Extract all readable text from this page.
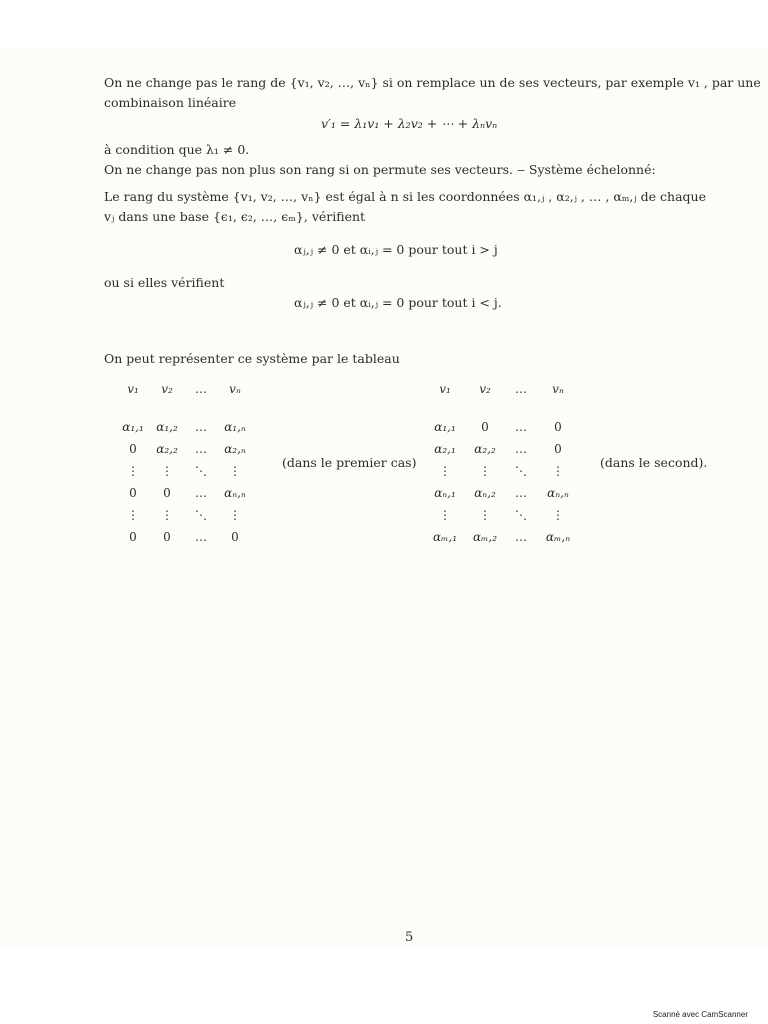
On ne change pas le rang de {v₁, v₂, …, vₙ} si on remplace un de ses vecteurs, par exemple v₁ , par une
combinaison linéaire
v′₁ = λ₁v₁ + λ₂v₂ + ⋯ + λₙvₙ
à condition que λ₁ ≠ 0.
On ne change pas non plus son rang si on permute ses vecteurs. ‒ Système échelonné:
Le rang du système {v₁, v₂, …, vₙ} est égal à n si les coordonnées α₁,ⱼ , α₂,ⱼ , … , αₘ,ⱼ de chaque
vⱼ dans une base {ϵ₁, ϵ₂, …, ϵₘ}, vérifient
αⱼ,ⱼ ≠ 0 et αᵢ,ⱼ = 0 pour tout i > j
ou si elles vérifient
αⱼ,ⱼ ≠ 0 et αᵢ,ⱼ = 0 pour tout i < j.
On peut représenter ce système par le tableau
v₁	v₂	…	vₙ

α₁,₁	α₁,₂	…	α₁,ₙ
0	α₂,₂	…	α₂,ₙ
⋮	⋮	⋱	⋮
0	0	…	αₙ,ₙ
⋮	⋮	⋱	⋮
0	0	…	0
(dans le premier cas)
v₁	v₂	…	vₙ

α₁,₁	0	…	0
α₂,₁	α₂,₂	…	0
⋮	⋮	⋱	⋮
αₙ,₁	αₙ,₂	…	αₙ,ₙ
⋮	⋮	⋱	⋮
αₘ,₁	αₘ,₂	…	αₘ,ₙ
(dans le second).
5
Scanné avec CamScanner
